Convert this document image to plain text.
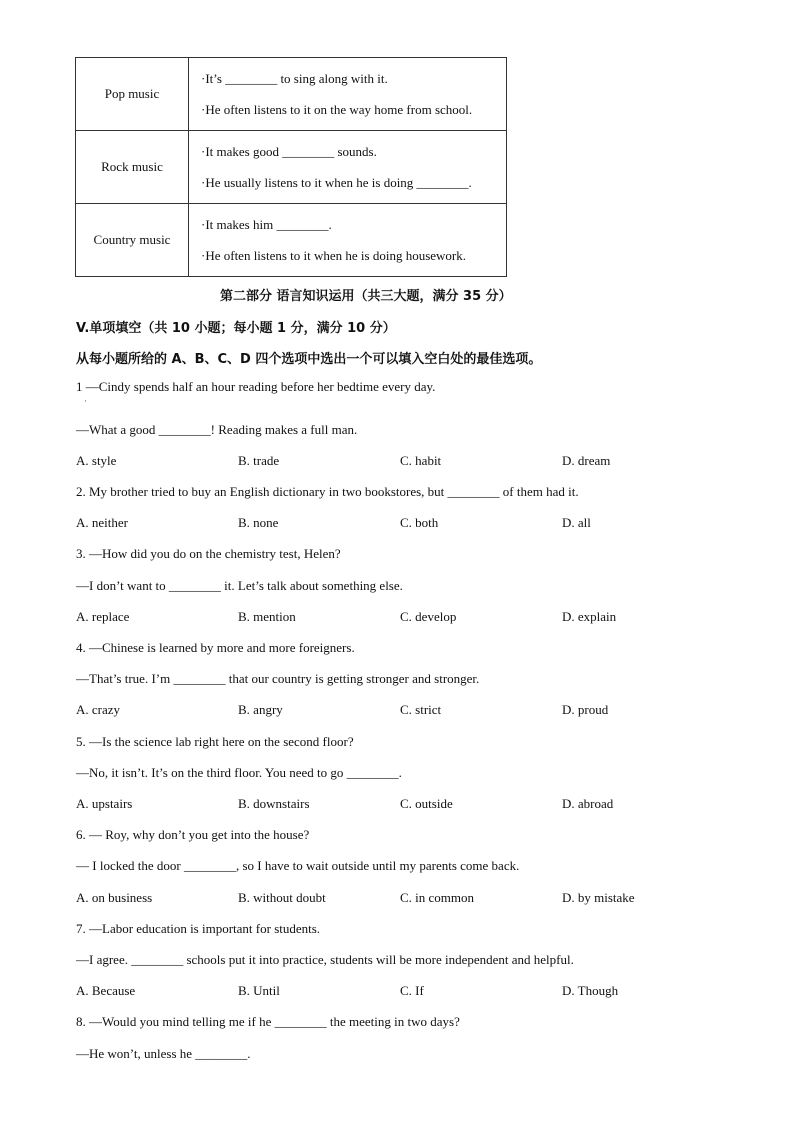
Pop music	·It’s ________ to sing along with it.
·He often listens to it on the way home from school.

Rock music	·It makes good ________ sounds.
·He usually listens to it when he is doing ________.

Country music	·It makes him ________.
·He often listens to it when he is doing housework.
第二部分 语言知识运用（共三大题，满分 35 分）
V.单项填空（共 10 小题；每小题 1 分，满分 10 分）
从每小题所给的 A、B、C、D 四个选项中选出一个可以填入空白处的最佳选项。
1 —Cindy spends half an hour reading before her bedtime every day.
·
—What a good ________! Reading makes a full man.
A. style	B. trade	C. habit	D. dream
2. My brother tried to buy an English dictionary in two bookstores, but ________ of them had it.
A. neither	B. none	C. both	D. all
3. —How did you do on the chemistry test, Helen?
—I don’t want to ________ it. Let’s talk about something else.
A. replace	B. mention	C. develop	D. explain
4. —Chinese is learned by more and more foreigners.
—That’s true. I’m ________ that our country is getting stronger and stronger.
A. crazy	B. angry	C. strict	D. proud
5. —Is the science lab right here on the second floor?
—No, it isn’t. It’s on the third floor. You need to go ________.
A. upstairs	B. downstairs	C. outside	D. abroad
6. — Roy, why don’t you get into the house?
— I locked the door ________, so I have to wait outside until my parents come back.
A. on business	B. without doubt	C. in common	D. by mistake
7. —Labor education is important for students.
—I agree. ________ schools put it into practice, students will be more independent and helpful.
A. Because	B. Until	C. If	D. Though
8. —Would you mind telling me if he ________ the meeting in two days?
—He won’t, unless he ________.
